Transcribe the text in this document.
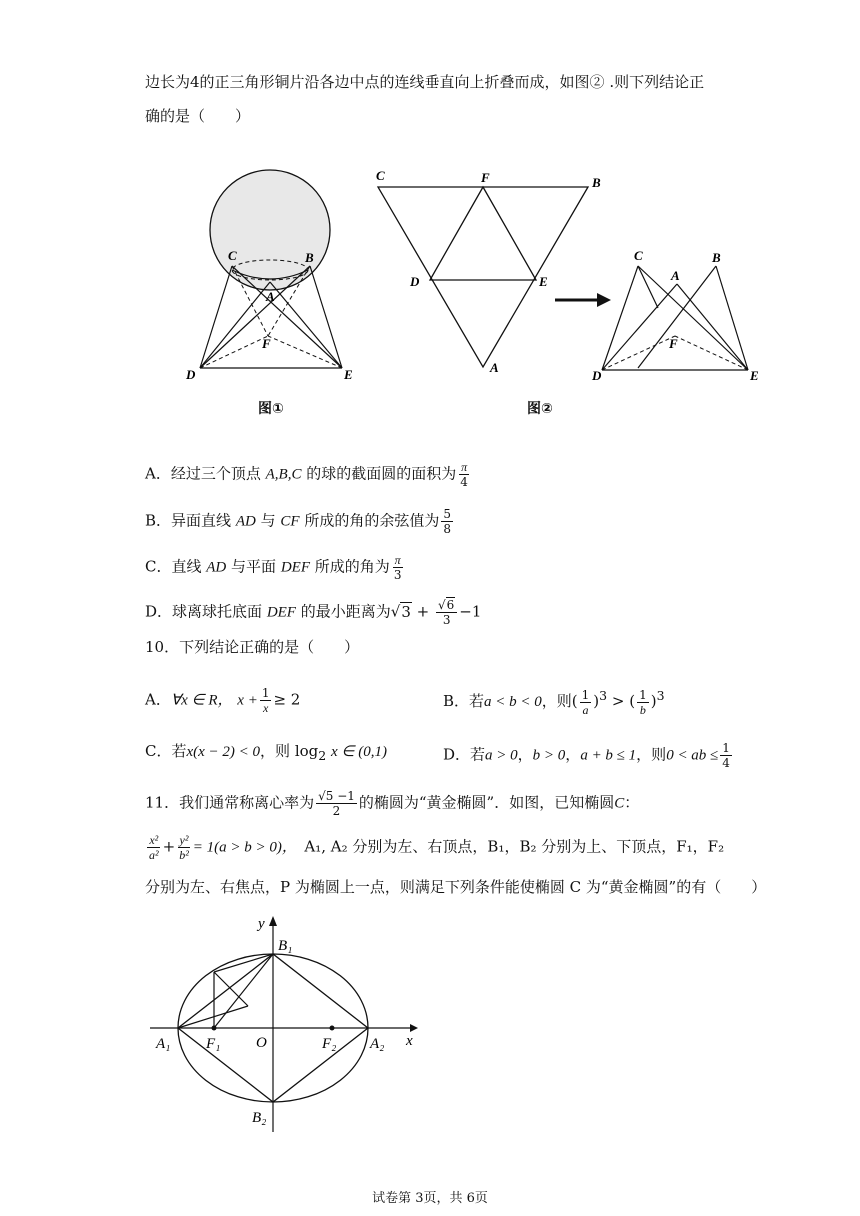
边长为4的正三角形铜片沿各边中点的连线垂直向上折叠而成，如图② .则下列结论正
确的是（　　）
C	B
A
F
D	E
C	F	B
D	E
A
C
A
B
F
D	E
图①	图②
A．经过三个顶点 A,B,C 的球的截面圆的面积为 $\frac{\pi}{4}$
B．异面直线 AD 与 CF 所成的角的余弦值为 $\frac{5}{8}$
C．直线 AD 与平面 DEF 所成的角为 $\frac{\pi}{3}$
D．球离球托底面 DEF 的最小距离为$√3 + \frac{√6}{3} -1$
10．下列结论正确的是（　　）
A．∀x ∈ R， $x + \frac{1}{x} \ge 2$	B．若a < b < 0，则( $\frac{1}{a} )^3$ > ( $\frac{1}{b} )^3$
C．若x(x − 2) < 0，则 $\log_2 x$ ∈ (0,1)	D．若a > 0，b > 0，a + b ≤ 1，则0 < ab ≤ $\frac{1}{4}$
11．我们通常称离心率为 $\frac{√5 -1}{2}$ 的椭圆为“黄金椭圆”．如图，已知椭圆C：
$\frac{\text{x²}}{\text{a²}} + \frac{\text{y²}}{\text{b²}} = 1(a > b > 0)$，　 A₁, A₂ 分别为左、右顶点，B₁，B₂ 分别为上、下顶点，F₁，F₂
分别为左、右焦点，P 为椭圆上一点，则满足下列条件能使椭圆 C 为“黄金椭圆”的有（　　）
y
B₁
x
A₁ F₁ O	F₂ A₂
B₂
试卷第 3页，共 6页
